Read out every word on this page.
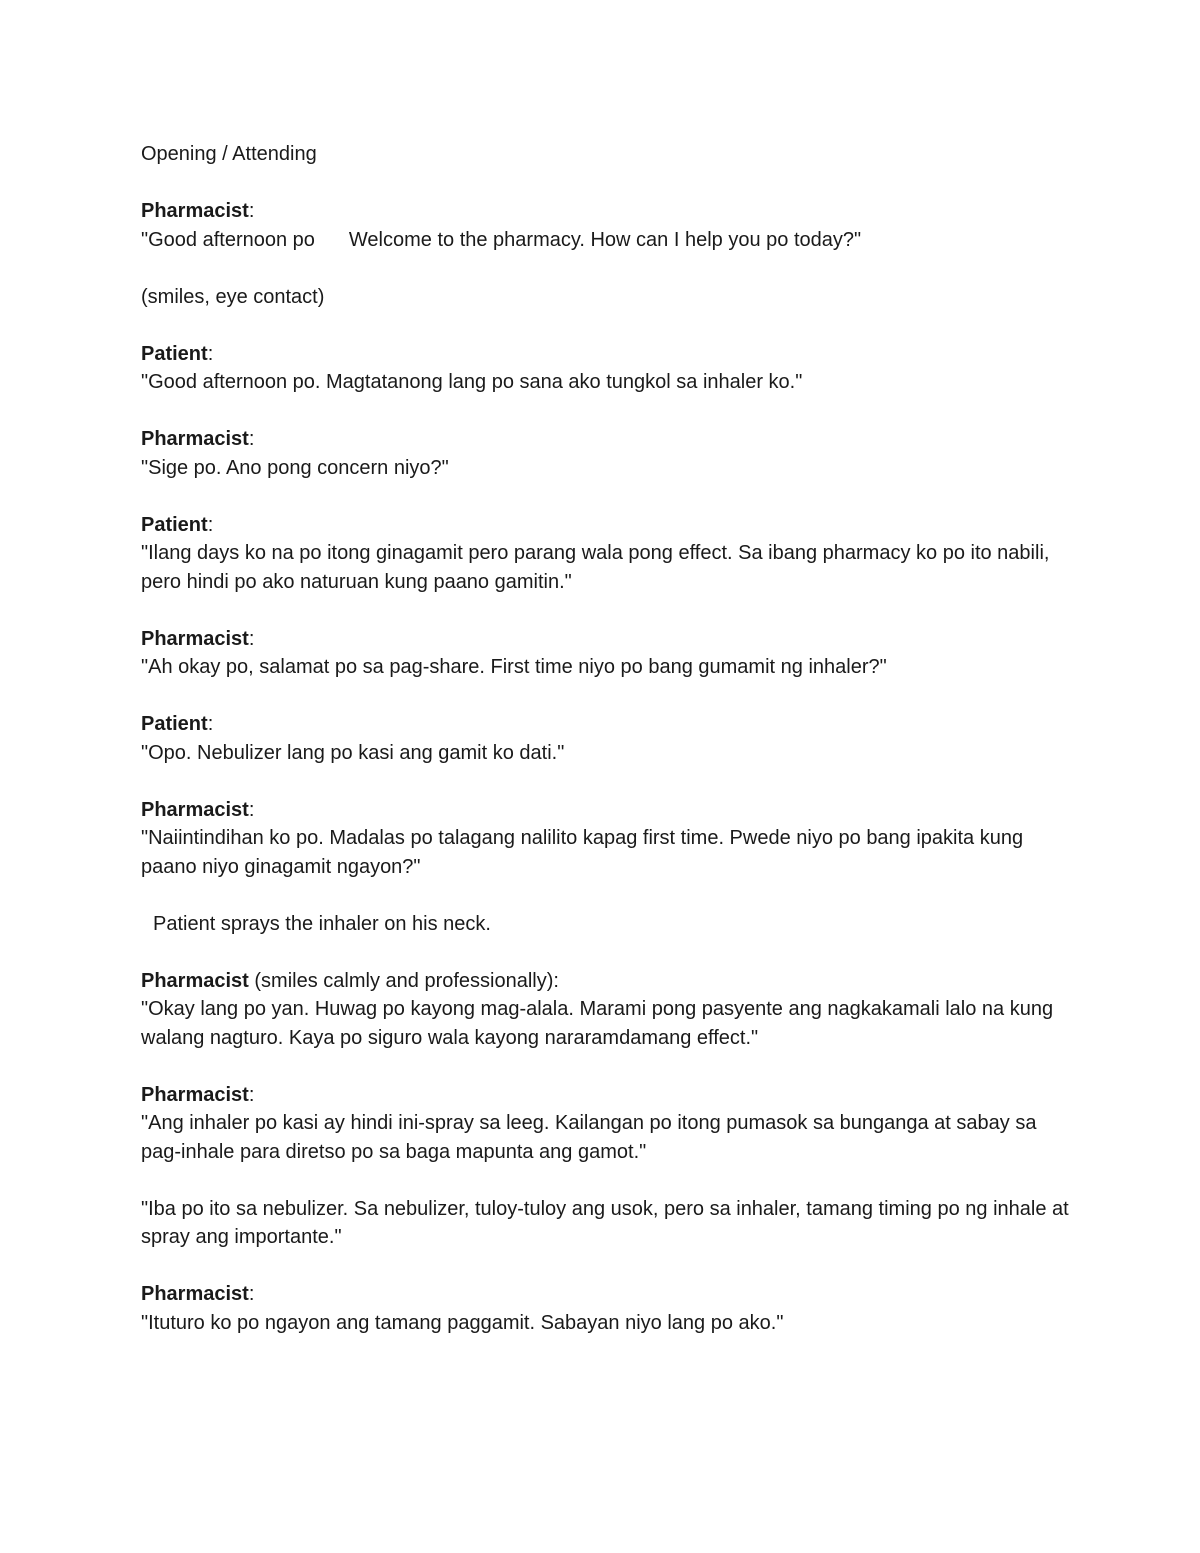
Opening / Attending

Pharmacist:

"Good afternoon po Welcome to the pharmacy. How can I help you po today?"

(smiles, eye contact)

Patient:

"Good afternoon po. Magtatanong lang po sana ako tungkol sa inhaler ko."

Pharmacist:

"Sige po. Ano pong concern niyo?"

Patient:

"Ilang days ko na po itong ginagamit pero parang wala pong effect. Sa ibang pharmacy ko po ito nabili, pero hindi po ako naturuan kung paano gamitin."

Pharmacist:

"Ah okay po, salamat po sa pag-share. First time niyo po bang gumamit ng inhaler?"

Patient:

"Opo. Nebulizer lang po kasi ang gamit ko dati."

Pharmacist:

"Naiintindihan ko po. Madalas po talagang nalilito kapag first time. Pwede niyo po bang ipakita kung paano niyo ginagamit ngayon?"

Patient sprays the inhaler on his neck.

Pharmacist (smiles calmly and professionally):

"Okay lang po yan. Huwag po kayong mag-alala. Marami pong pasyente ang nagkakamali lalo na kung walang nagturo. Kaya po siguro wala kayong nararamdamang effect."

Pharmacist:

"Ang inhaler po kasi ay hindi ini-spray sa leeg. Kailangan po itong pumasok sa bunganga at sabay sa pag-inhale para diretso po sa baga mapunta ang gamot."

"Iba po ito sa nebulizer. Sa nebulizer, tuloy-tuloy ang usok, pero sa inhaler, tamang timing po ng inhale at spray ang importante."

Pharmacist:

"Ituturo ko po ngayon ang tamang paggamit. Sabayan niyo lang po ako."
